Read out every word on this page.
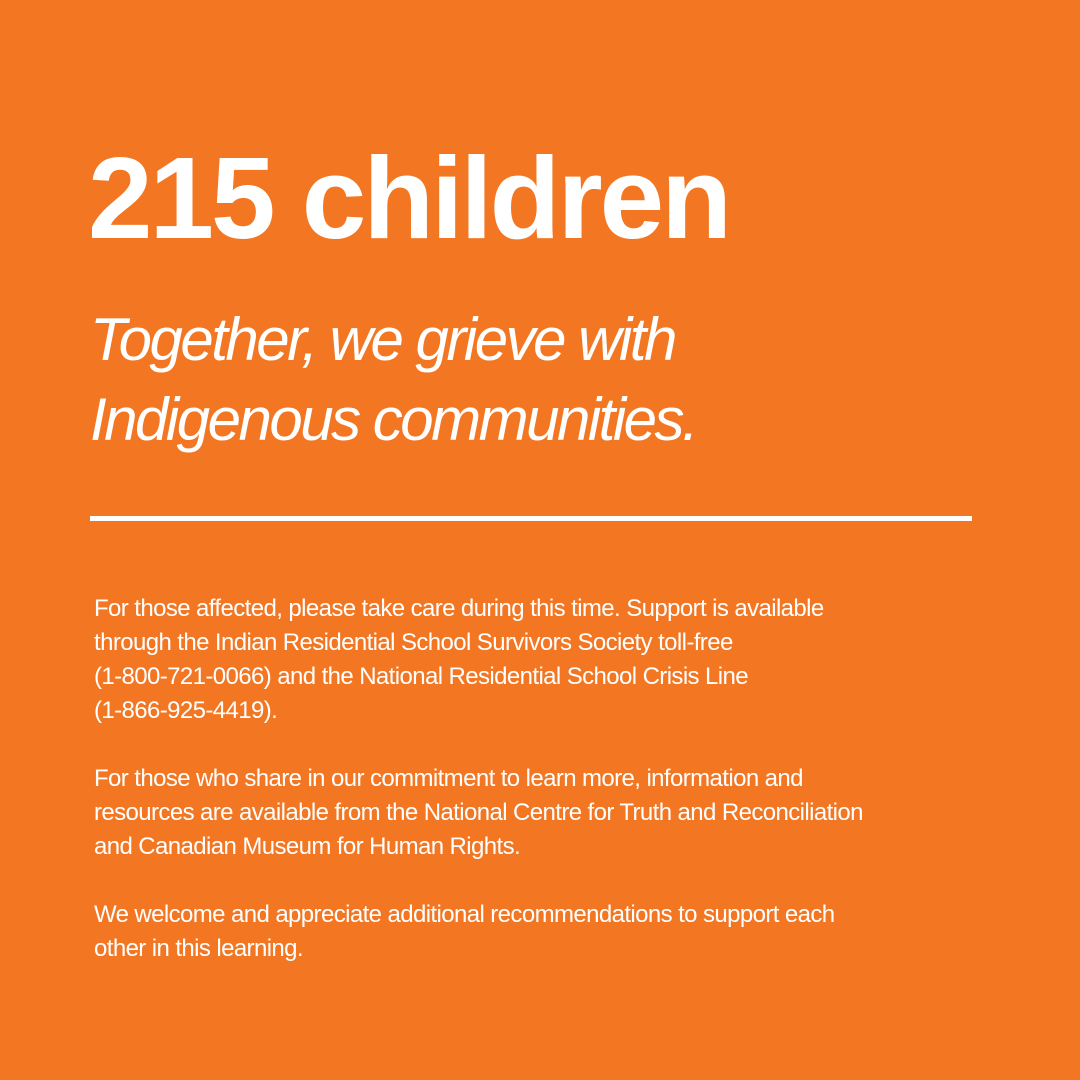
215 children
Together, we grieve with
Indigenous communities.

For those affected, please take care during this time. Support is available
through the Indian Residential School Survivors Society toll-free
(1-800-721-0066) and the National Residential School Crisis Line
(1-866-925-4419).

For those who share in our commitment to learn more, information and
resources are available from the National Centre for Truth and Reconciliation
and Canadian Museum for Human Rights.

We welcome and appreciate additional recommendations to support each
other in this learning.
